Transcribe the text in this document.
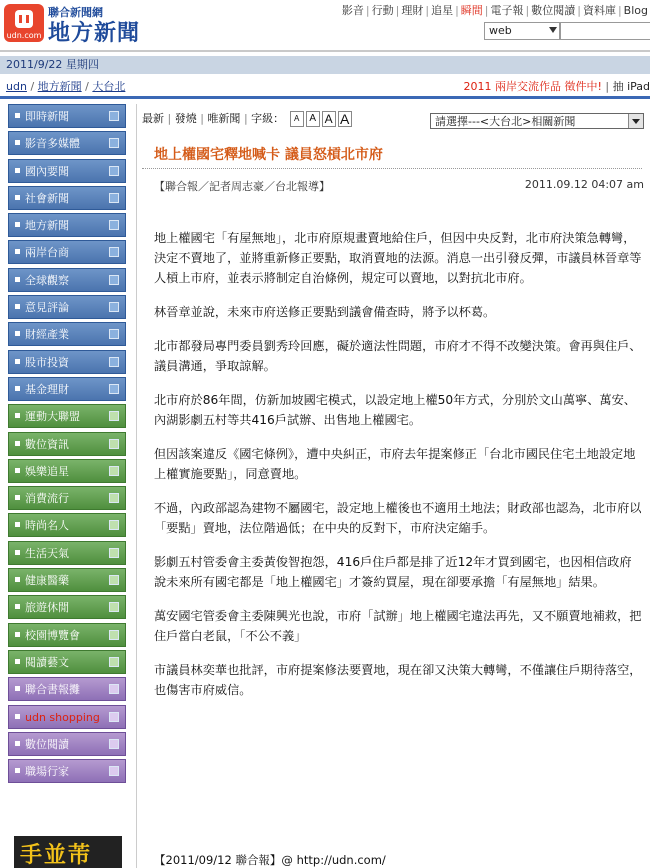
udn.com
聯合新聞網
地方新聞
影音 | 行動 | 理財 | 追星 | 瞬間 | 電子報 | 數位閱讀 | 資料庫 | Blog
web
2011/9/22 星期四
udn / 地方新聞 / 大台北	2011 兩岸交流作品 徵件中! | 抽 iPad
即時新聞
影音多媒體
國內要聞
社會新聞
地方新聞
兩岸台商
全球觀察
意見評論
財經產業
股市投資
基金理財
運動大聯盟
數位資訊
娛樂追星
消費流行
時尚名人
生活天氣
健康醫藥
旅遊休閒
校園博覽會
閱讀藝文
聯合書報攤
udn shopping
數位閱讀
職場行家
手並芾
最新 | 發燒 | 唯新聞 | 字級： A A A A	請選擇---<大台北>相關新聞
地上權國宅釋地喊卡 議員怒槓北市府
【聯合報／記者周志豪／台北報導】	2011.09.12 04:07 am

地上權國宅「有屋無地」，北市府原規畫賣地給住戶，但因中央反對，北市府決策急轉彎，決定不賣地了，並將重新修正要點，取消賣地的法源。消息一出引發反彈，市議員林晉章等人槓上市府，並表示將制定自治條例，規定可以賣地，以對抗北市府。

林晉章並說，未來市府送修正要點到議會備查時，將予以杯葛。

北市都發局專門委員劉秀玲回應，礙於適法性問題，市府才不得不改變決策。會再與住戶、議員溝通，爭取諒解。

北市府於86年間，仿新加坡國宅模式，以設定地上權50年方式，分別於文山萬寧、萬安、內湖影劇五村等共416戶試辦、出售地上權國宅。

但因該案違反《國宅條例》，遭中央糾正，市府去年提案修正「台北市國民住宅土地設定地上權實施要點」，同意賣地。

不過，內政部認為建物不屬國宅，設定地上權後也不適用土地法；財政部也認為，北市府以「要點」賣地，法位階過低；在中央的反對下，市府決定縮手。

影劇五村管委會主委黃俊智抱怨，416戶住戶都是排了近12年才買到國宅，也因相信政府說未來所有國宅都是「地上權國宅」才簽約買屋，現在卻要承擔「有屋無地」結果。

萬安國宅管委會主委陳興光也說，市府「試辦」地上權國宅違法再先，又不願賣地補救，把住戶當白老鼠，「不公不義」

市議員林奕華也批評，市府提案修法要賣地，現在卻又決策大轉彎，不僅讓住戶期待落空，也傷害市府威信。

【2011/09/12 聯合報】@ http://udn.com/
